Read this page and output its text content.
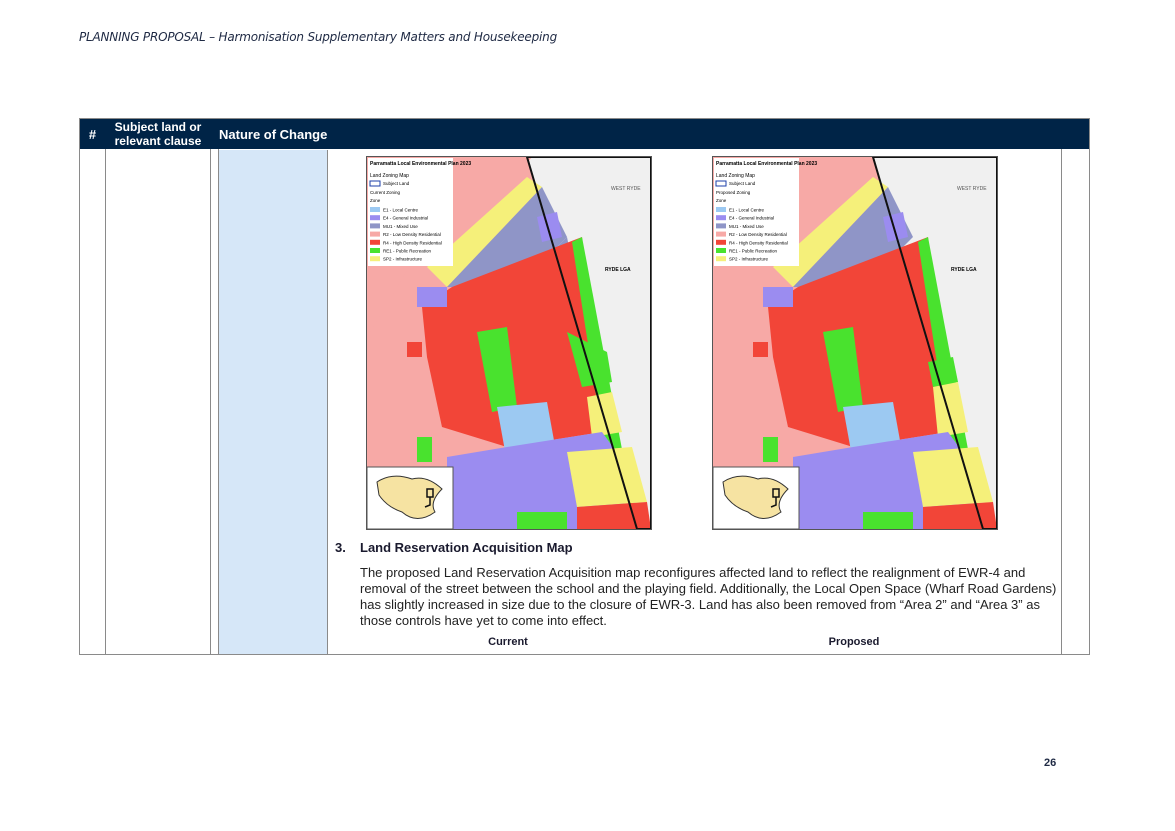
PLANNING PROPOSAL – Harmonisation Supplementary Matters and Housekeeping
#	Subject land or relevant clause	Nature of Change
Parramatta Local Environmental Plan 2023
Land Zoning Map
Subject Land
Current Zoning
Zone
E1 - Local Centre
E4 - General Industrial
MU1 - Mixed Use
R2 - Low Density Residential
R4 - High Density Residential
RE1 - Public Recreation
SP2 - Infrastructure
WEST RYDE
RYDE LGA
Parramatta Local Environmental Plan 2023
Land Zoning Map
Subject Land
Proposed Zoning
Zone
E1 - Local Centre
E4 - General Industrial
MU1 - Mixed Use
R2 - Low Density Residential
R4 - High Density Residential
RE1 - Public Recreation
SP2 - Infrastructure
WEST RYDE
RYDE LGA
3. Land Reservation Acquisition Map
The proposed Land Reservation Acquisition map reconfigures affected land to reflect the realignment of EWR-4 and removal of the street between the school and the playing field. Additionally, the Local Open Space (Wharf Road Gardens) has slightly increased in size due to the closure of EWR-3. Land has also been removed from “Area 2” and “Area 3” as those controls have yet to come into effect.
Current	Proposed
26
